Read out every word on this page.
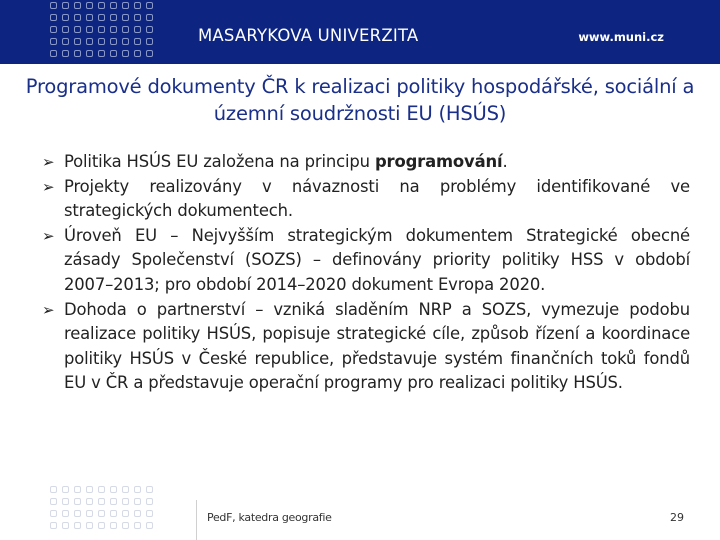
MASARYKOVA UNIVERZITA	www.muni.cz
Programové dokumenty ČR k realizaci politiky hospodářské, sociální a územní soudržnosti EU (HSÚS)
➢ Politika HSÚS EU založena na principu programování.
➢ Projekty realizovány v návaznosti na problémy identifikované ve strategických dokumentech.
➢ Úroveň EU – Nejvyšším strategickým dokumentem Strategické obecné zásady Společenství (SOZS) – definovány priority politiky HSS v období 2007–2013; pro období 2014–2020 dokument Evropa 2020.
➢ Dohoda o partnerství – vzniká sladěním NRP a SOZS, vymezuje podobu realizace politiky HSÚS, popisuje strategické cíle, způsob řízení a koordinace politiky HSÚS v České republice, představuje systém finančních toků fondů EU v ČR a představuje operační programy pro realizaci politiky HSÚS.
PedF, katedra geografie	29
